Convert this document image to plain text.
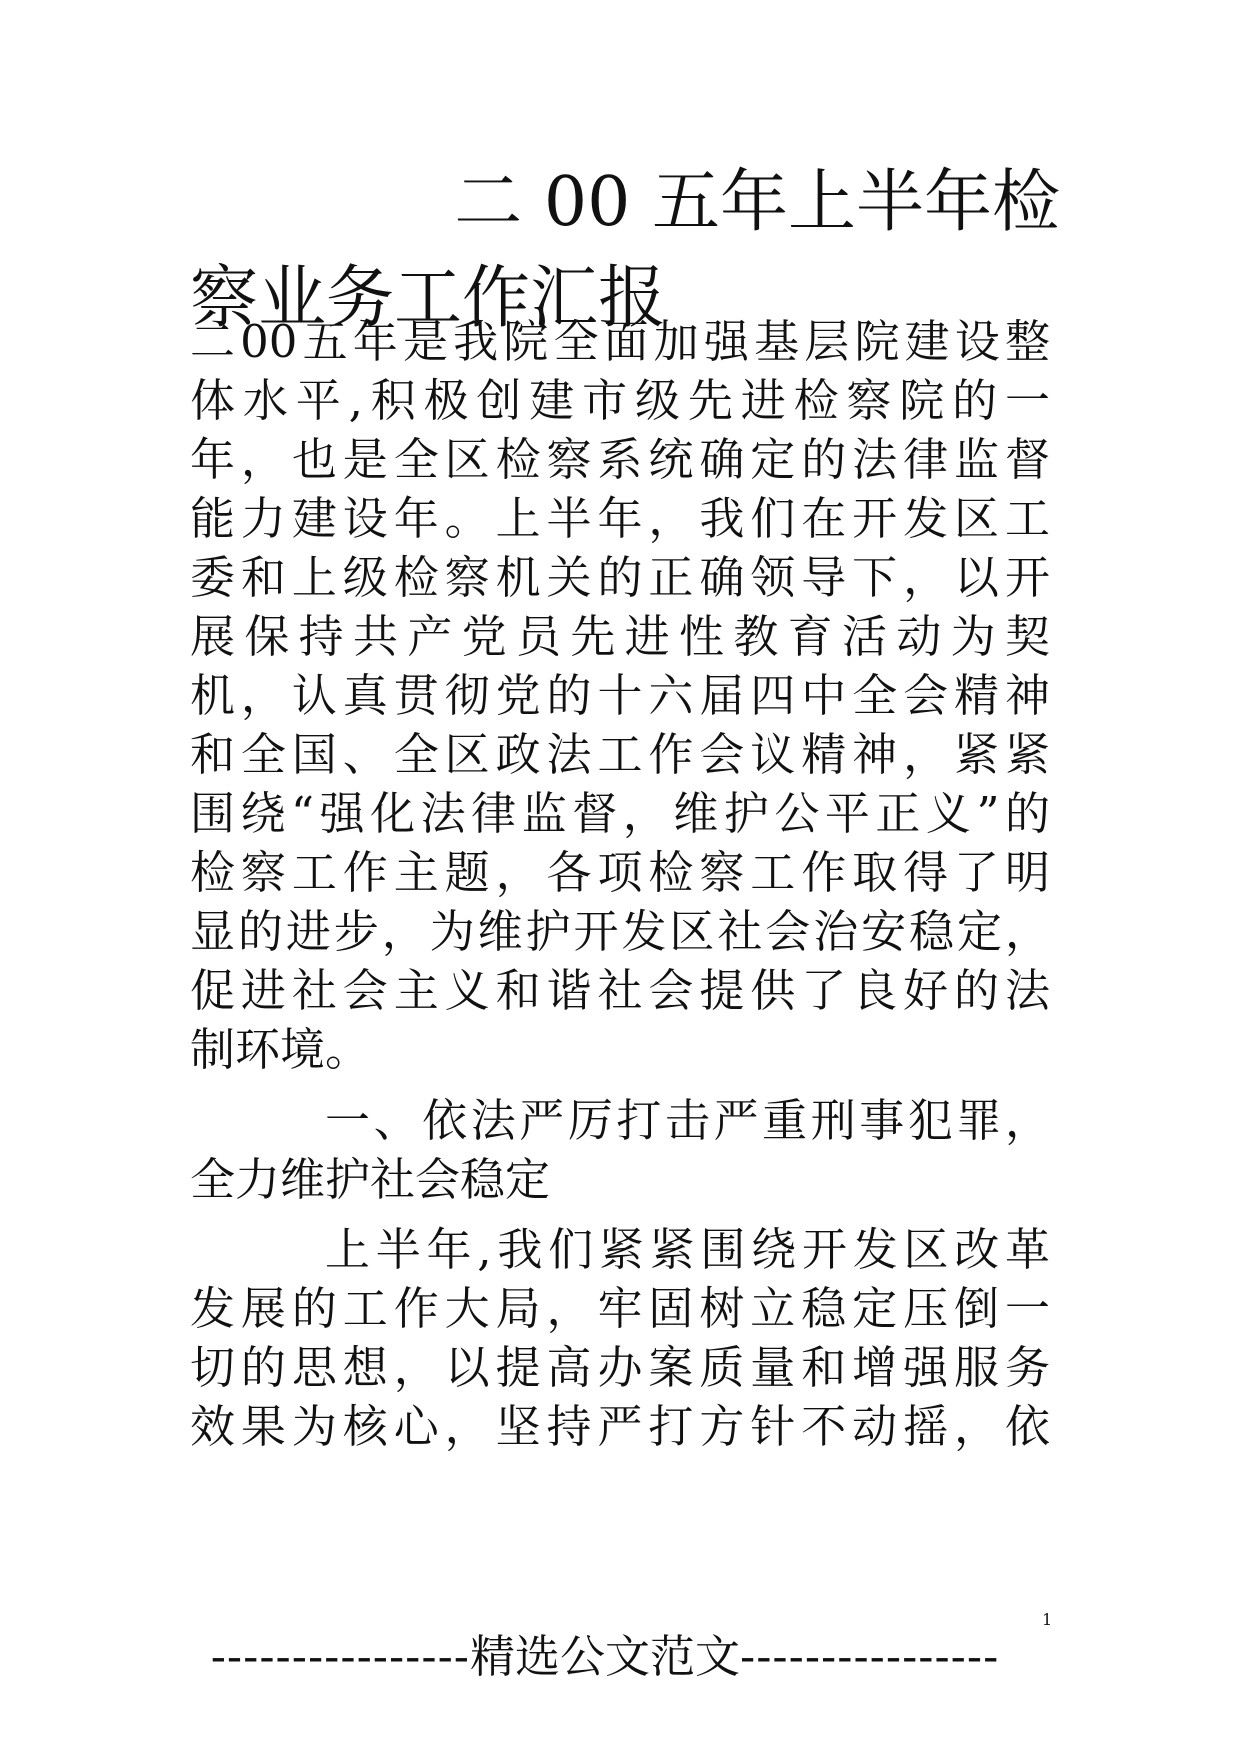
二 00 五年上半年检
察业务工作汇报
二00五年是我院全面加强基层院建设整
体水平,积极创建市级先进检察院的一
年，也是全区检察系统确定的法律监督
能力建设年。上半年，我们在开发区工
委和上级检察机关的正确领导下，以开
展保持共产党员先进性教育活动为契
机，认真贯彻党的十六届四中全会精神
和全国、全区政法工作会议精神，紧紧
围绕“强化法律监督，维护公平正义”的
检察工作主题，各项检察工作取得了明
显的进步，为维护开发区社会治安稳定，
促进社会主义和谐社会提供了良好的法
制环境。
一、依法严厉打击严重刑事犯罪，
全力维护社会稳定
上半年,我们紧紧围绕开发区改革
发展的工作大局，牢固树立稳定压倒一
切的思想，以提高办案质量和增强服务
效果为核心，坚持严打方针不动摇，依
1
---------------- 精选公文范文 ----------------
